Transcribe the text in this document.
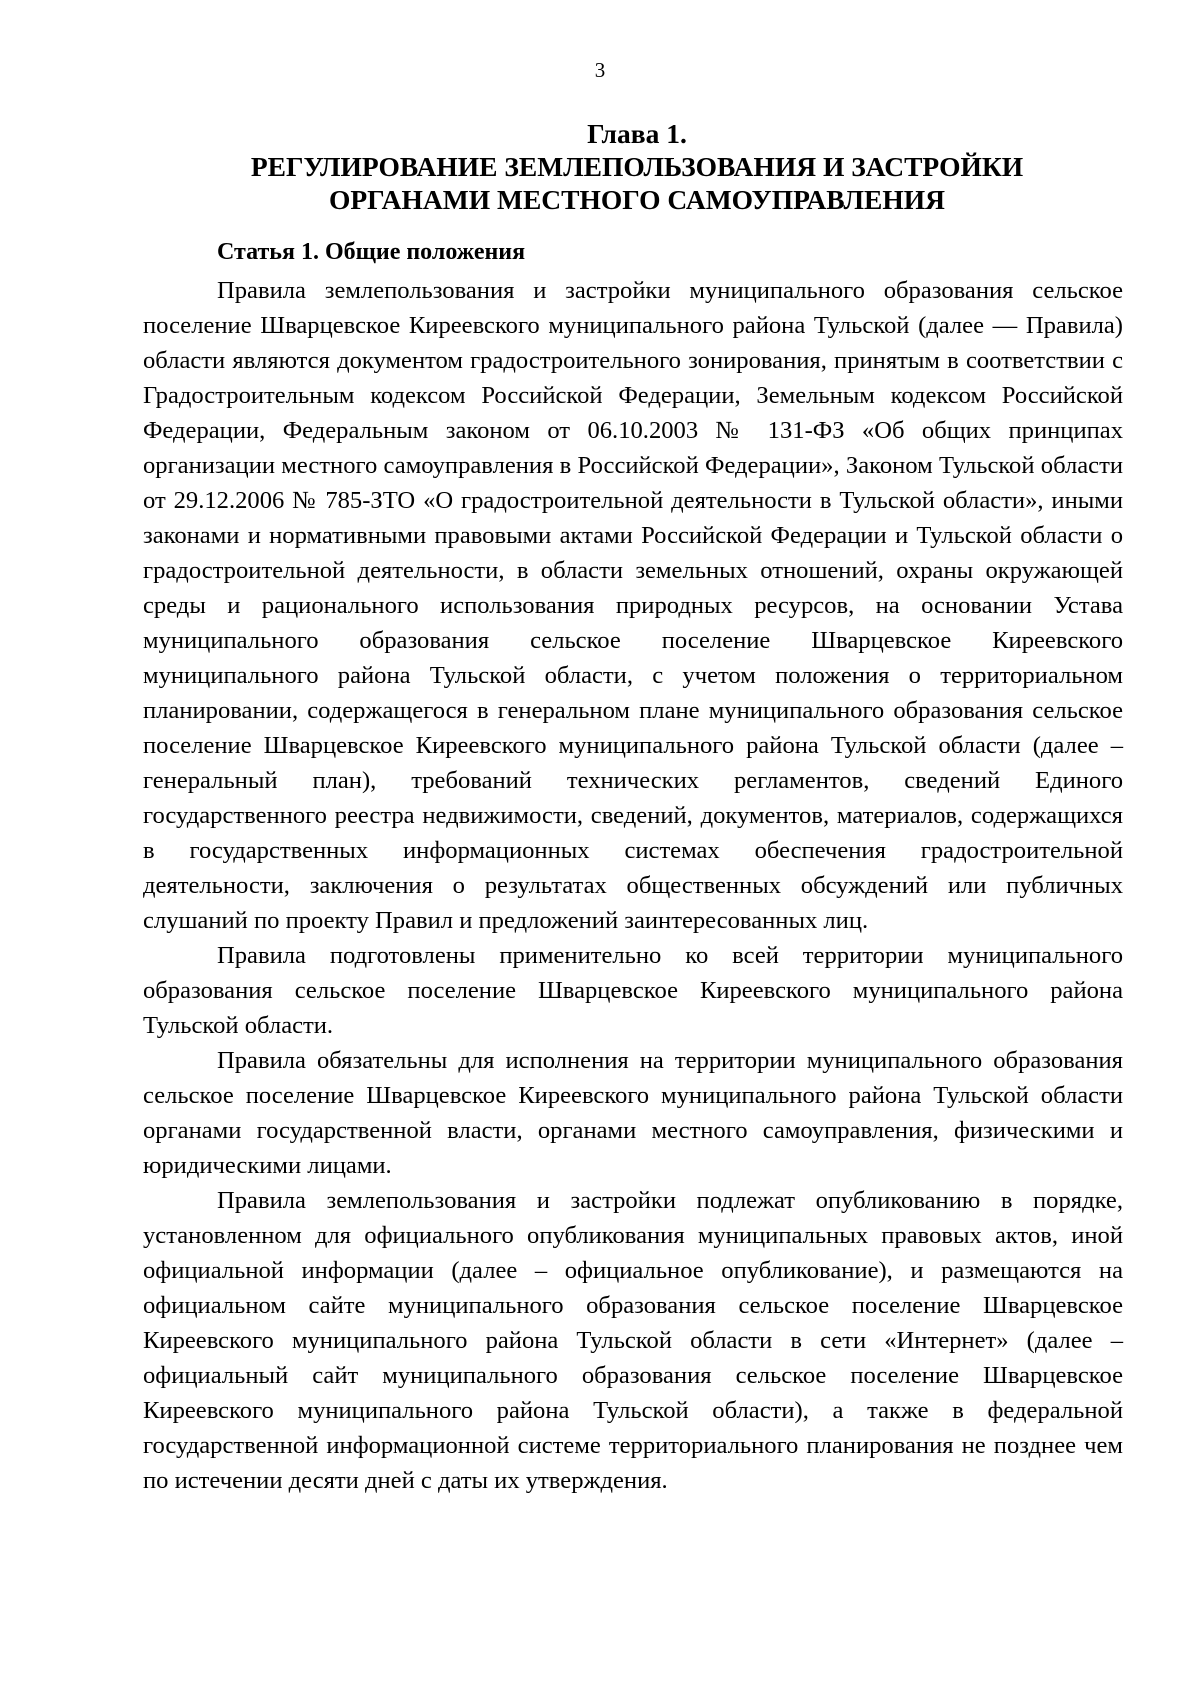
3
Глава 1.
РЕГУЛИРОВАНИЕ ЗЕМЛЕПОЛЬЗОВАНИЯ И ЗАСТРОЙКИ
ОРГАНАМИ МЕСТНОГО САМОУПРАВЛЕНИЯ
Статья 1. Общие положения

Правила землепользования и застройки муниципального образования сельское поселение Шварцевское Киреевского муниципального района Тульской (далее — Правила) области являются документом градостроительного зонирования, принятым в соответствии с Градостроительным кодексом Российской Федерации, Земельным кодексом Российской Федерации, Федеральным законом от 06.10.2003 № 131-ФЗ «Об общих принципах организации местного самоуправления в Российской Федерации», Законом Тульской области от 29.12.2006 № 785-ЗТО «О градостроительной деятельности в Тульской области», иными законами и нормативными правовыми актами Российской Федерации и Тульской области о градостроительной деятельности, в области земельных отношений, охраны окружающей среды и рационального использования природных ресурсов, на основании Устава муниципального образования сельское поселение Шварцевское Киреевского муниципального района Тульской области, с учетом положения о территориальном планировании, содержащегося в генеральном плане муниципального образования сельское поселение Шварцевское Киреевского муниципального района Тульской области (далее – генеральный план), требований технических регламентов, сведений Единого государственного реестра недвижимости, сведений, документов, материалов, содержащихся в государственных информационных системах обеспечения градостроительной деятельности, заключения о результатах общественных обсуждений или публичных слушаний по проекту Правил и предложений заинтересованных лиц.

Правила подготовлены применительно ко всей территории муниципального образования сельское поселение Шварцевское Киреевского муниципального района Тульской области.

Правила обязательны для исполнения на территории муниципального образования сельское поселение Шварцевское Киреевского муниципального района Тульской области органами государственной власти, органами местного самоуправления, физическими и юридическими лицами.

Правила землепользования и застройки подлежат опубликованию в порядке, установленном для официального опубликования муниципальных правовых актов, иной официальной информации (далее – официальное опубликование), и размещаются на официальном сайте муниципального образования сельское поселение Шварцевское Киреевского муниципального района Тульской области в сети «Интернет» (далее – официальный сайт муниципального образования сельское поселение Шварцевское Киреевского муниципального района Тульской области), а также в федеральной государственной информационной системе территориального планирования не позднее чем по истечении десяти дней с даты их утверждения.
